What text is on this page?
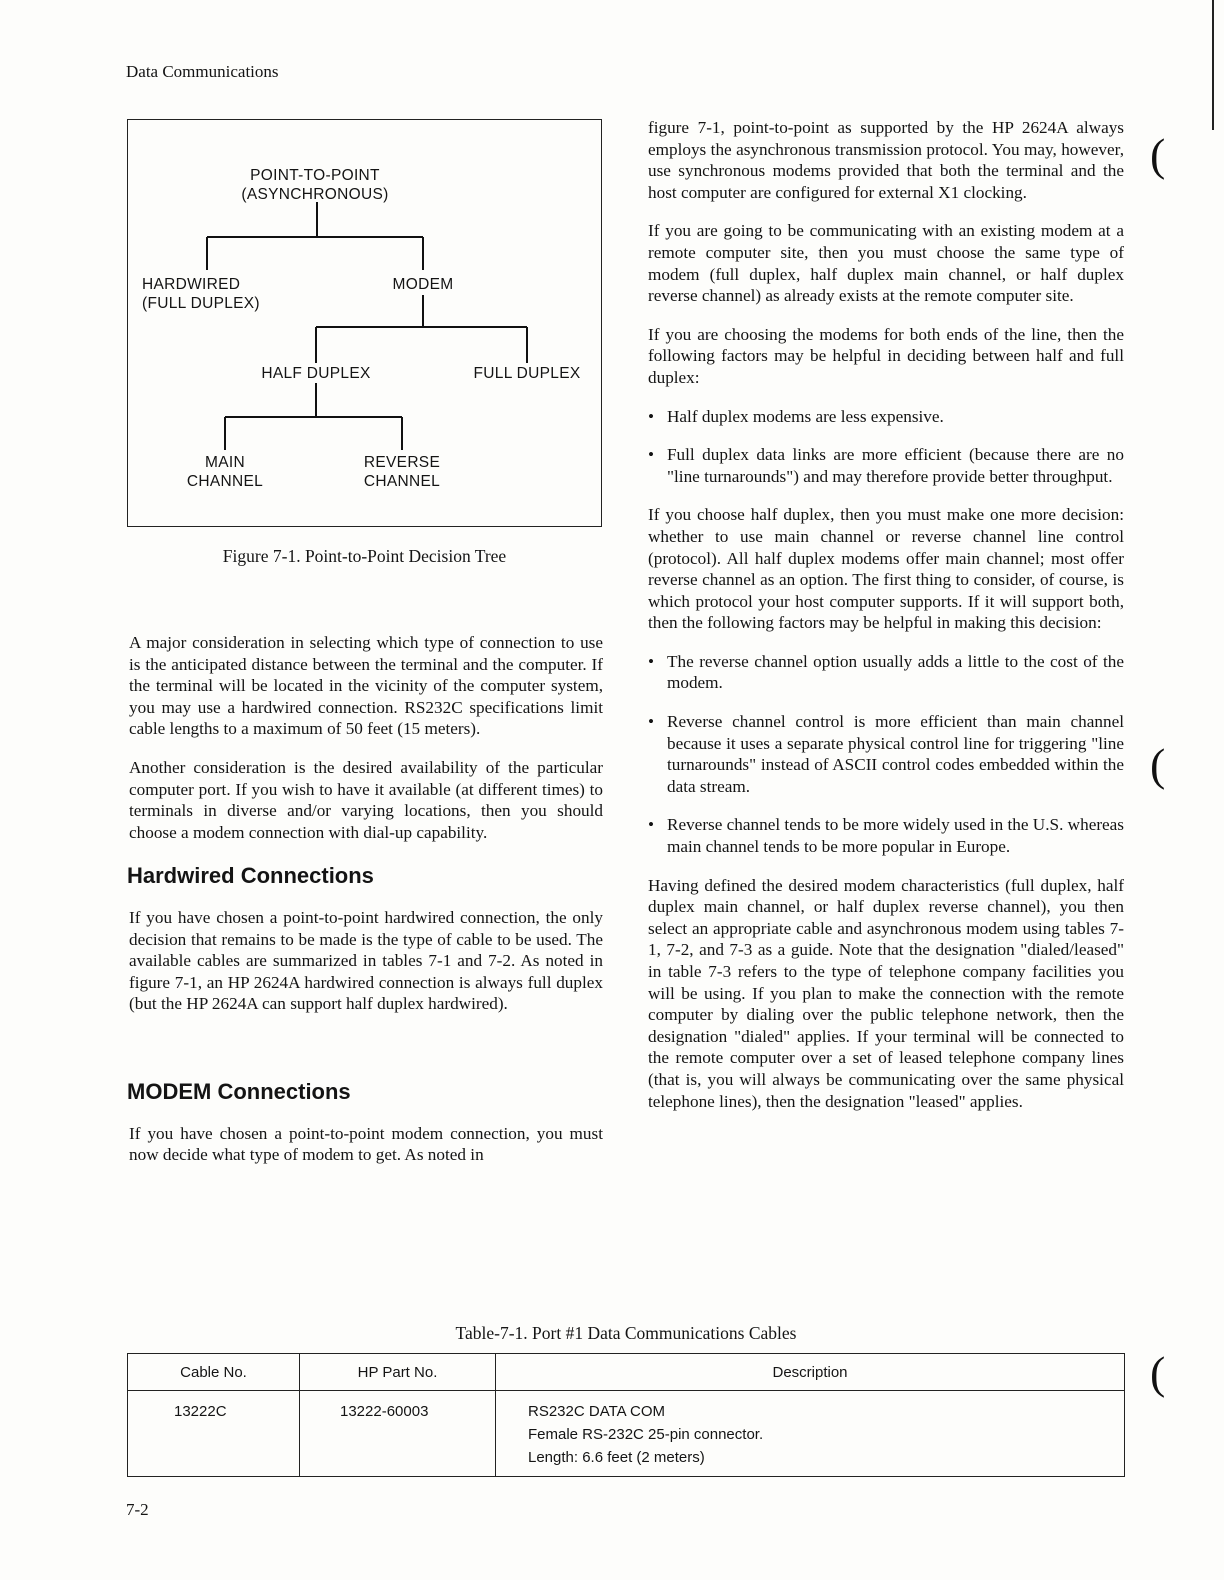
Data Communications
POINT-TO-POINT
(ASYNCHRONOUS)
HARDWIRED
(FULL DUPLEX)
MODEM
HALF DUPLEX	FULL DUPLEX
MAIN
CHANNEL
REVERSE
CHANNEL
Figure 7-1. Point-to-Point Decision Tree

A major consideration in selecting which type of connection to use is the anticipated distance between the terminal and the computer. If the terminal will be located in the vicinity of the computer system, you may use a hardwired connection. RS232C specifications limit cable lengths to a maximum of 50 feet (15 meters).

Another consideration is the desired availability of the particular computer port. If you wish to have it available (at different times) to terminals in diverse and/or varying locations, then you should choose a modem connection with dial-up capability.

Hardwired Connections

If you have chosen a point-to-point hardwired connection, the only decision that remains to be made is the type of cable to be used. The available cables are summarized in tables 7-1 and 7-2. As noted in figure 7-1, an HP 2624A hardwired connection is always full duplex (but the HP 2624A can support half duplex hardwired).

MODEM Connections

If you have chosen a point-to-point modem connection, you must now decide what type of modem to get. As noted in

figure 7-1, point-to-point as supported by the HP 2624A always employs the asynchronous transmission protocol. You may, however, use synchronous modems provided that both the terminal and the host computer are configured for external X1 clocking.

If you are going to be communicating with an existing modem at a remote computer site, then you must choose the same type of modem (full duplex, half duplex main channel, or half duplex reverse channel) as already exists at the remote computer site.

If you are choosing the modems for both ends of the line, then the following factors may be helpful in deciding between half and full duplex:

• Half duplex modems are less expensive.
• Full duplex data links are more efficient (because there are no "line turnarounds") and may therefore provide better throughput.

If you choose half duplex, then you must make one more decision: whether to use main channel or reverse channel line control (protocol). All half duplex modems offer main channel; most offer reverse channel as an option. The first thing to consider, of course, is which protocol your host computer supports. If it will support both, then the following factors may be helpful in making this decision:

• The reverse channel option usually adds a little to the cost of the modem.
• Reverse channel control is more efficient than main channel because it uses a separate physical control line for triggering "line turnarounds" instead of ASCII control codes embedded within the data stream.
• Reverse channel tends to be more widely used in the U.S. whereas main channel tends to be more popular in Europe.

Having defined the desired modem characteristics (full duplex, half duplex main channel, or half duplex reverse channel), you then select an appropriate cable and asynchronous modem using tables 7-1, 7-2, and 7-3 as a guide. Note that the designation "dialed/leased" in table 7-3 refers to the type of telephone company facilities you will be using. If you plan to make the connection with the remote computer by dialing over the public telephone network, then the designation "dialed" applies. If your terminal will be connected to the remote computer over a set of leased telephone company lines (that is, you will always be communicating over the same physical telephone lines), then the designation "leased" applies.

(
(
(
Table-7-1. Port #1 Data Communications Cables
Cable No.	HP Part No.	Description
13222C	13222-60003	RS232C DATA COM
Female RS-232C 25-pin connector.
Length: 6.6 feet (2 meters)
7-2
